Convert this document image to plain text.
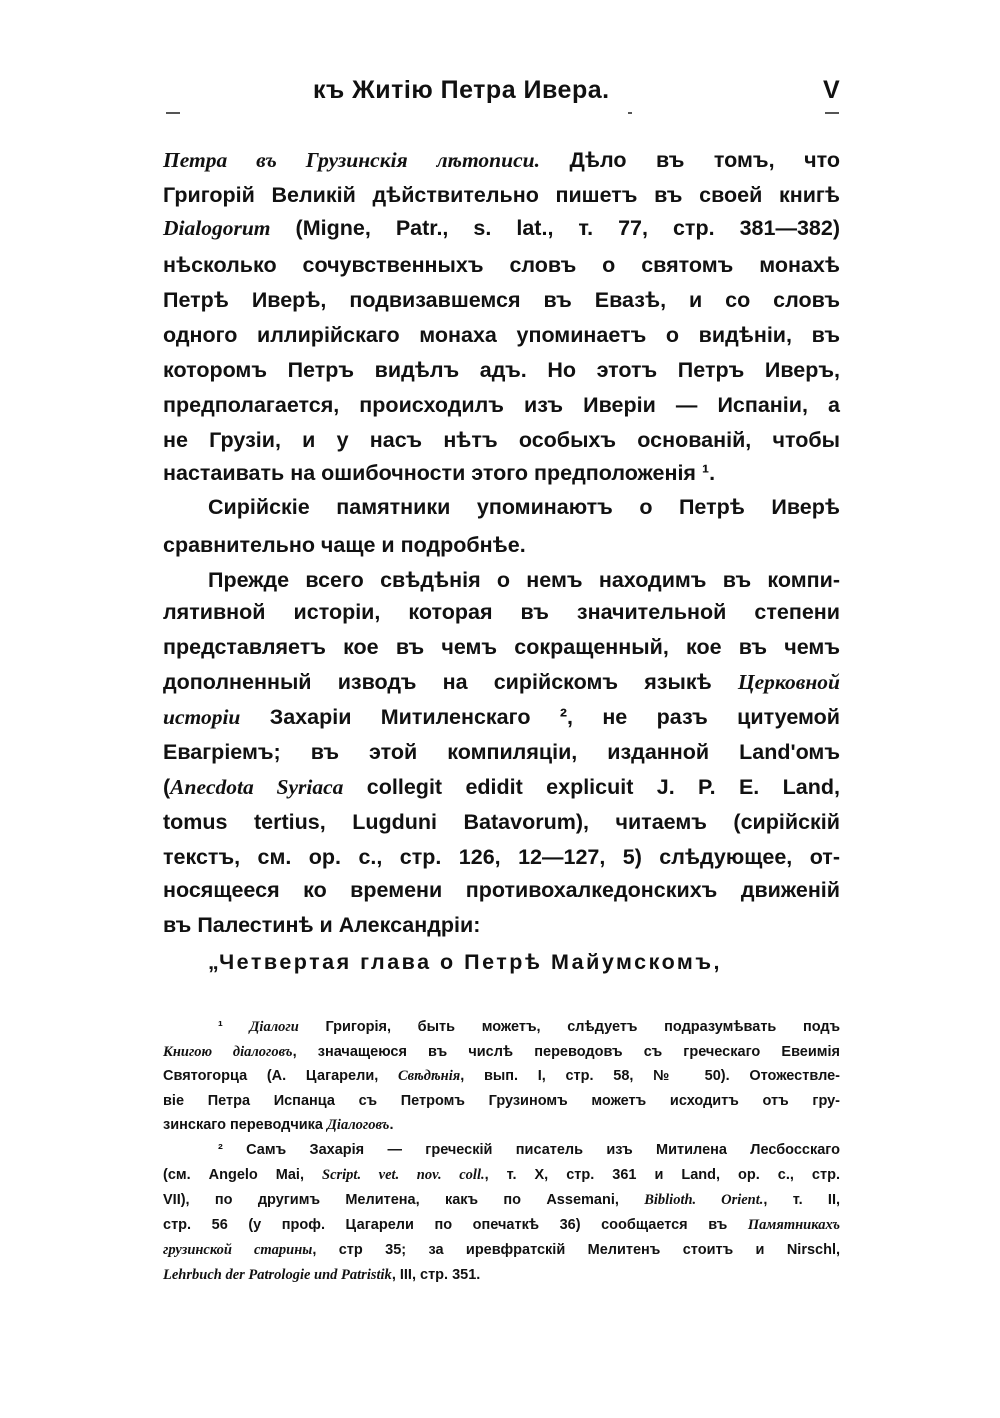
къ Житію Петра Ивера.	V
Петра въ Грузинскія лѣтописи. Дѣло въ томъ, что
Григорій Великій дѣйствительно пишетъ въ своей книгѣ
Dialogorum (Migne, Patr., s. lat., т. 77, стр. 381—382)
нѣсколько сочувственныхъ словъ о святомъ монахѣ
Петрѣ Иверѣ, подвизавшемся въ Евазѣ, и со словъ
одного иллирійскаго монаха упоминаетъ о видѣніи, въ
которомъ Петръ видѣлъ адъ. Но этотъ Петръ Иверъ,
предполагается, происходилъ изъ Иверіи — Испаніи, а
не Грузіи, и у насъ нѣтъ особыхъ основаній, чтобы
настаивать на ошибочности этого предположенія ¹.
Сирійскіе памятники упоминаютъ о Петрѣ Иверѣ
сравнительно чаще и подробнѣе.
Прежде всего свѣдѣнія о немъ находимъ въ компи-
лятивной исторіи, которая въ значительной степени
представляетъ кое въ чемъ сокращенный, кое въ чемъ
дополненный изводъ на сирійскомъ языкѣ Церковной
исторіи Захаріи Митиленскаго ², не разъ цитуемой
Евагріемъ; въ этой компиляціи, изданной Land'омъ
(Anecdota Syriaca collegit edidit explicuit J. P. E. Land,
tomus tertius, Lugduni Batavorum), читаемъ (сирійскій
текстъ, см. op. c., стр. 126, 12—127, 5) слѣдующее, от-
носящееся ко времени противохалкедонскихъ движеній
въ Палестинѣ и Александріи:
„Четвертая глава о Петрѣ Майумскомъ,
¹ Діалоги Григорія, быть можетъ, слѣдуетъ подразумѣвать подъ
Книгою діалоговъ, значащеюся въ числѣ переводовъ съ греческаго Евеимія
Святогорца (А. Цагарели, Свѣдѣнія, вып. I, стр. 58, № 50). Отожествле-
віе Петра Испанца съ Петромъ Грузиномъ можетъ исходитъ отъ гру-
зинскаго переводчика Діалоговъ.
² Самъ Захарія — греческій писатель изъ Митилена Лесбосскаго
(см. Angelo Mai, Script. vet. nov. coll., т. X, стр. 361 и Land, op. c., стр.
VII), по другимъ Мелитена, какъ по Assemani, Biblioth. Orient., т. II,
стр. 56 (у проф. Цагарели по опечаткѣ 36) сообщается въ Памятникахъ
грузинской старины, стр 35; за иревфратскій Мелитенъ стоитъ и Nirschl,
Lehrbuch der Patrologie und Patristik, III, стр. 351.
